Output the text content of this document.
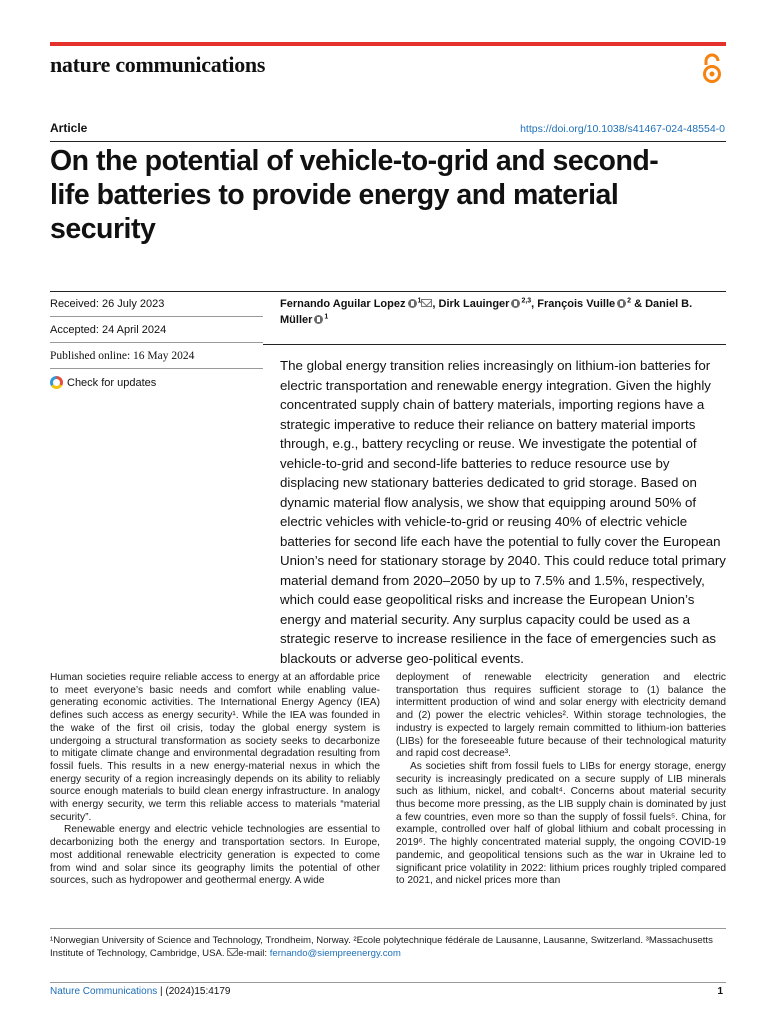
nature communications
Article	https://doi.org/10.1038/s41467-024-48554-0
On the potential of vehicle-to-grid and second-life batteries to provide energy and material security
Received: 26 July 2023
Accepted: 24 April 2024
Published online: 16 May 2024
Check for updates
Fernando Aguilar Lopez $^1$ , Dirk Lauinger $^{2,3}$, François Vuille $^2$ & Daniel B. Müller $^1$

The global energy transition relies increasingly on lithium-ion batteries for electric transportation and renewable energy integration. Given the highly concentrated supply chain of battery materials, importing regions have a strategic imperative to reduce their reliance on battery material imports through, e.g., battery recycling or reuse. We investigate the potential of vehicle-to-grid and second-life batteries to reduce resource use by displacing new stationary batteries dedicated to grid storage. Based on dynamic material flow analysis, we show that equipping around 50% of electric vehicles with vehicle-to-grid or reusing 40% of electric vehicle batteries for second life each have the potential to fully cover the European Union’s need for stationary storage by 2040. This could reduce total primary material demand from 2020–2050 by up to 7.5% and 1.5%, respectively, which could ease geopolitical risks and increase the European Union’s energy and material security. Any surplus capacity could be used as a strategic reserve to increase resilience in the face of emergencies such as blackouts or adverse geo-political events.

Human societies require reliable access to energy at an affordable price to meet everyone’s basic needs and comfort while enabling value-generating economic activities. The International Energy Agency (IEA) defines such access as energy security¹. While the IEA was founded in the wake of the first oil crisis, today the global energy system is undergoing a structural transformation as society seeks to decarbonize to mitigate climate change and environmental degradation resulting from fossil fuels. This results in a new energy-material nexus in which the energy security of a region increasingly depends on its ability to reliably source enough materials to build clean energy infrastructure. In analogy with energy security, we term this reliable access to materials “material security”.

Renewable energy and electric vehicle technologies are essential to decarbonizing both the energy and transportation sectors. In Europe, most additional renewable electricity generation is expected to come from wind and solar since its geography limits the potential of other sources, such as hydropower and geothermal energy. A wide

deployment of renewable electricity generation and electric transportation thus requires sufficient storage to (1) balance the intermittent production of wind and solar energy with electricity demand and (2) power the electric vehicles². Within storage technologies, the industry is expected to largely remain committed to lithium-ion batteries (LIBs) for the foreseeable future because of their technological maturity and rapid cost decrease³.

As societies shift from fossil fuels to LIBs for energy storage, energy security is increasingly predicated on a secure supply of LIB minerals such as lithium, nickel, and cobalt⁴. Concerns about material security thus become more pressing, as the LIB supply chain is dominated by just a few countries, even more so than the supply of fossil fuels⁵. China, for example, controlled over half of global lithium and cobalt processing in 2019⁶. The highly concentrated material supply, the ongoing COVID-19 pandemic, and geopolitical tensions such as the war in Ukraine led to significant price volatility in 2022: lithium prices roughly tripled compared to 2021, and nickel prices more than

¹Norwegian University of Science and Technology, Trondheim, Norway. ²Ecole polytechnique fédérale de Lausanne, Lausanne, Switzerland. ³Massachusetts Institute of Technology, Cambridge, USA. e-mail: fernando@siempreenergy.com
Nature Communications | (2024)15:4179	1
